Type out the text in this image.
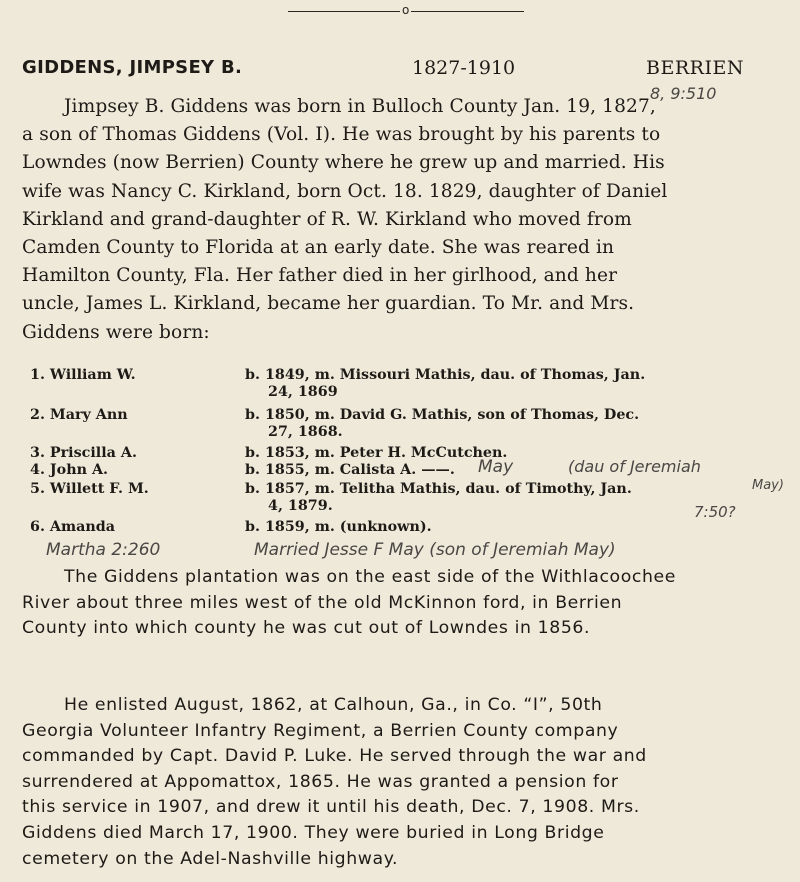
o
GIDDENS, JIMPSEY B.	1827-1910	BERRIEN
8, 9:510
Jimpsey B. Giddens was born in Bulloch County Jan. 19, 1827,
a son of Thomas Giddens (Vol. I). He was brought by his parents to
Lowndes (now Berrien) County where he grew up and married. His
wife was Nancy C. Kirkland, born Oct. 18. 1829, daughter of Daniel
Kirkland and grand-daughter of R. W. Kirkland who moved from
Camden County to Florida at an early date. She was reared in
Hamilton County, Fla. Her father died in her girlhood, and her
uncle, James L. Kirkland, became her guardian. To Mr. and Mrs.
Giddens were born:
1. William W.	b. 1849, m. Missouri Mathis, dau. of Thomas, Jan.
24, 1869
2. Mary Ann	b. 1850, m. David G. Mathis, son of Thomas, Dec.
27, 1868.
3. Priscilla A.	b. 1853, m. Peter H. McCutchen.
4. John A.	b. 1855, m. Calista A. ——.
5. Willett F. M.	b. 1857, m. Telitha Mathis, dau. of Timothy, Jan.
4, 1879.
6. Amanda	b. 1859, m. (unknown).
May	(dau of Jeremiah
May)
7:50?
Martha 2:260	Married Jesse F May (son of Jeremiah May)
The Giddens plantation was on the east side of the Withlacoochee
River about three miles west of the old McKinnon ford, in Berrien
County into which county he was cut out of Lowndes in 1856.
He enlisted August, 1862, at Calhoun, Ga., in Co. “I”, 50th
Georgia Volunteer Infantry Regiment, a Berrien County company
commanded by Capt. David P. Luke. He served through the war and
surrendered at Appomattox, 1865. He was granted a pension for
this service in 1907, and drew it until his death, Dec. 7, 1908. Mrs.
Giddens died March 17, 1900. They were buried in Long Bridge
cemetery on the Adel-Nashville highway.
